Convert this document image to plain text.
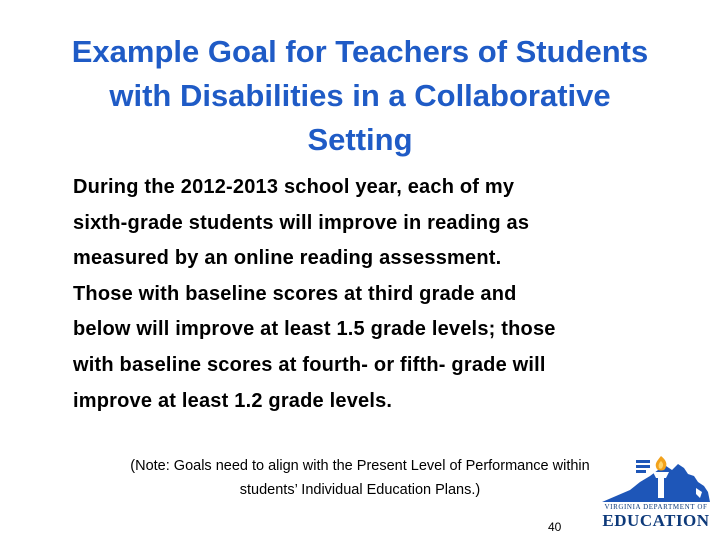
Example Goal for Teachers of Students
with Disabilities in a Collaborative
Setting
During the 2012-2013 school year, each of my
sixth-grade students will improve in reading as
measured by an online reading assessment.
Those with baseline scores at third grade and
below will improve at least 1.5 grade levels; those
with baseline scores at fourth- or fifth- grade will
improve at least 1.2 grade levels.
(Note: Goals need to align with the Present Level of Performance within
students’ Individual Education Plans.)
40
VIRGINIA DEPARTMENT OF
EDUCATION
